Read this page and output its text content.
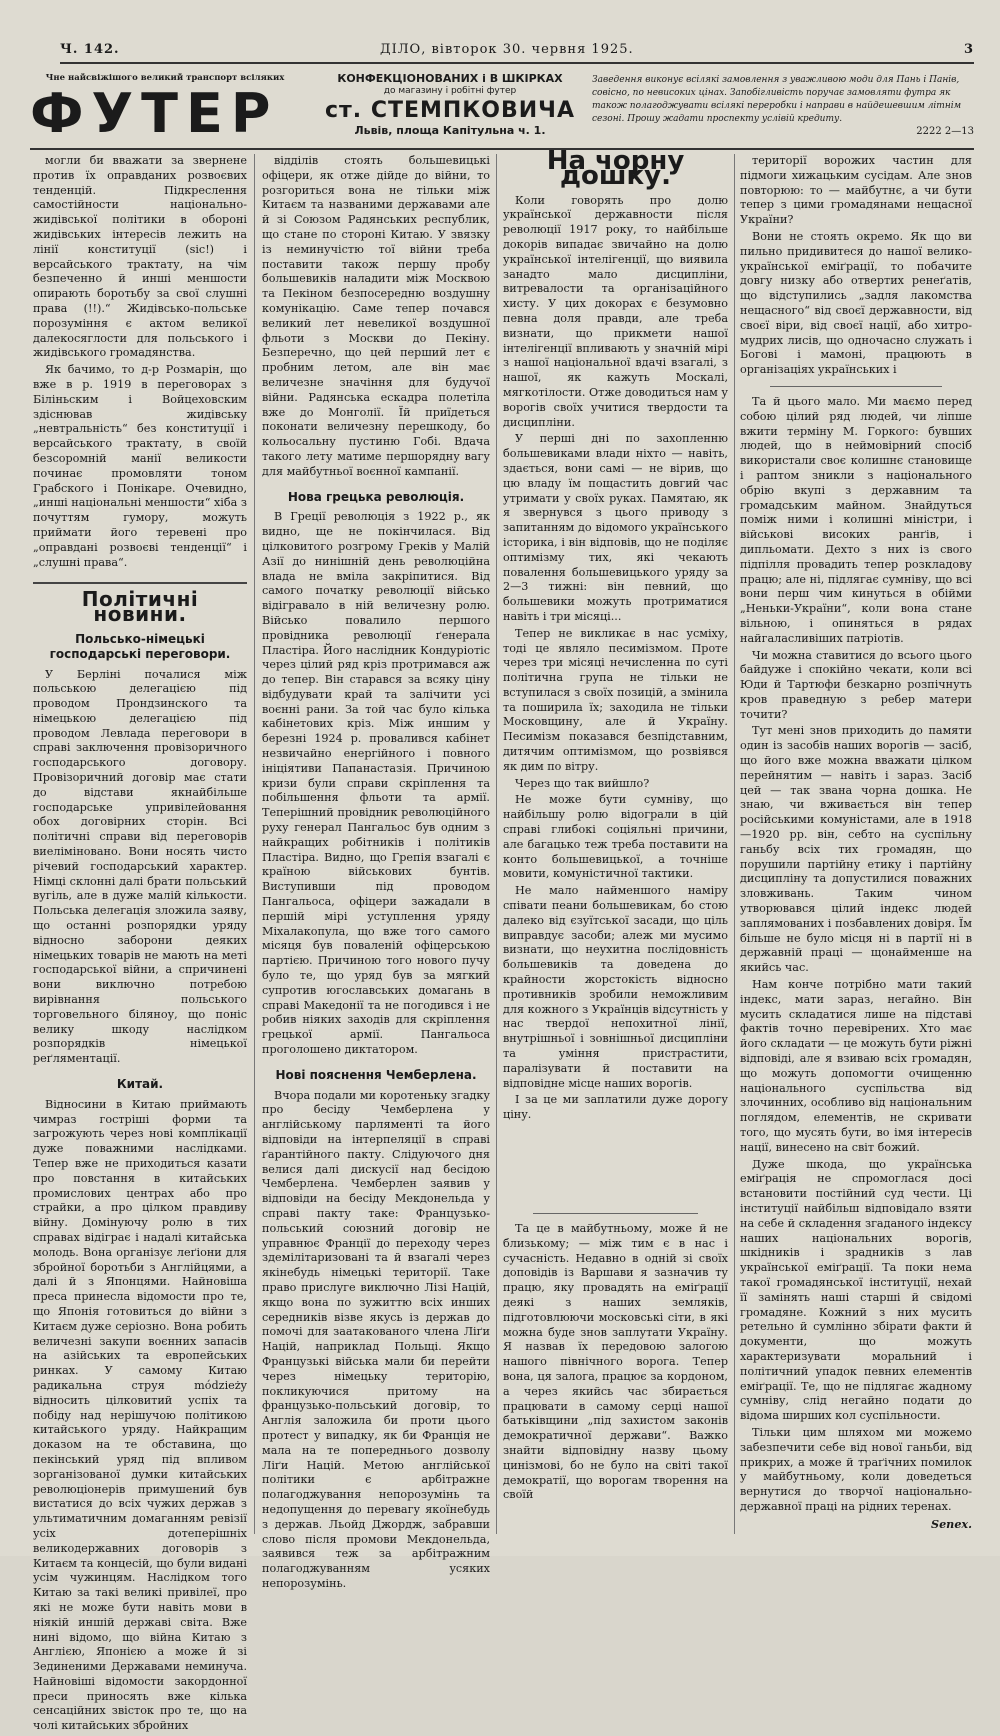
Ч. 142.	ДІЛО, вівторок 30. червня 1925.	3
Чне найсвіжішого великий транспорт всіляких
ФУТЕР
КОНФЕКЦІОНОВАНИХ і В ШКІРКАХ
до магазину і робітні футер
ст. СТЕМПКОВИЧА
Львів, площа Капітульна ч. 1.
Заведення виконує всілякі замовлення з уважливою моди для Пань і Панів, совісно, по невисоких цінах. Запобігливість поручає замовляти футра як також полагоджувати всілякі переробки і направи в найдешевшим літнім сезоні. Прошу жадати проспекту услівій кредиту.
2222 2—13

могли би вважати за звернене против їх оправданих розвоєвих тенденцій. Підкреслення самостійности національно-жидівської політики в обороні жидівських інтересів лежить на лінії конституції (sic!) і версайського трактату, на чім безпеченно й инші меншости опирають боротьбу за свої слушні права (!!).“ Жидівсько-польське порозуміння є актом великої далекосяглости для польського і жидівського громадянства.

Як бачимо, то д-р Розмарін, що вже в р. 1919 в переговорах з Біліньским і Войцеховским здіснював жидівську „невтральність“ без конституції і версайського трактату, в своїй безсоромній манії великости починає промовляти тоном Грабского і Понікаре. Очевидно, „инші національні меншости“ хіба з почуттям гумору, можуть приймати його теревені про „оправдані розвоєві тенденції“ і „слушні права“.

Політичні новини.
Польсько-німецькі господарські переговори.

У Берліні почалися між польською делегацією під проводом Прондзинского та німецькою делегацією під проводом Левлада переговори в справі заключення провізоричного господарського договору. Провізоричний договір має стати до відстави якнайбільше господарське упривілейовання обох договірних сторін. Всі політичні справи від переговорів виеліміновано. Вони носять чисто річевий господарський характер. Німці склонні далі брати польський вугіль, але в дуже малій кількости. Польська делегація зложила заяву, що останні розпорядки уряду відносно заборони деяких німецьких товарів не мають на меті господарської війни, а спричинені вони виключно потребою вирівнання польського торговельного біляноу, що поніс велику шкоду наслідком розпорядків німецької реґляментації.

Китай.

Відносини в Китаю приймають чимраз гостріші форми та загрожують через нові комплікації дуже поважними наслідками. Тепер вже не приходиться казати про повстання в китайських промислових центрах або про страйки, а про цілком правдиву війну. Домінуючу ролю в тих справах відіграє і надалі китайська молодь. Вона організує леґіони для збройної боротьби з Англійцями, а далі й з Японцями. Найновіша преса принесла відомости про те, що Японія готовиться до війни з Китаєм дуже серіозно. Вона робить величезні закупи воєнних запасів на азійських та европейських ринках. У самому Китаю радикальна струя módzieży відносить цілковитий успіх та побіду над нерішучою політикою китайського уряду. Найкращим доказом на те обставина, що пекінський уряд під впливом зорганізованої думки китайських революціонерів примушений був вистатися до всіх чужих держав з ультиматичним домаганням ревізії усіх дотеперішніх великодержавних договорів з Китаєм та концесій, що були видані усім чужинцям. Наслідком того Китаю за такі великі привілеї, про які не може бути навіть мови в ніякій иншій державі світа. Вже нині відомо, що війна Китаю з Англією, Японією а може й зі Зединеними Державами неминуча. Найновіші відомости закордонної преси приносять вже кілька сенсаційних звісток про те, що на чолі китайських збройних

відділів стоять большевицькі офіцери, як отже дійде до війни, то розгориться вона не тільки між Китаєм та названими державами але й зі Союзом Радянських республик, що стане по стороні Китаю. У звязку із неминучістю тої війни треба поставити також першу пробу большевиків наладити між Москвою та Пекіном безпосередню воздушну комунікацію. Саме тепер почався великий лет невеликої воздушної фльоти з Москви до Пекіну. Безперечно, що цей перший лет є пробним летом, але він має величезне значіння для будучої війни. Радянська ескадра полетіла вже до Монголії. Їй приїдеться поконати величезну перешкоду, бо кольосальну пустиню Гобі. Вдача такого лету матиме першорядну вагу для майбутньої воєнної кампанії.

Нова грецька революція.

В Греції революція з 1922 р., як видно, ще не покінчилася. Від цілковитого розгрому Греків у Малій Азії до нинішній день революційна влада не вміла закріпитися. Від самого початку революції військо відігравало в ній величезну ролю. Військо повалило першого провідника революції ґенерала Пластіра. Його наслідник Кондуріотіс через цілий ряд кріз протримався аж до тепер. Він старався за всяку ціну відбудувати край та залічити усі воєнні рани. За той час було кілька кабінетових кріз. Між иншим у березні 1924 р. провалився кабінет незвичайно енергійного і повного ініціятиви Папанастазія. Причиною кризи були справи скріплення та побільшення фльоти та армії. Теперішний провідник революційного руху генерал Пангальос був одним з найкращих робітників і політиків Пластіра. Видно, що Грепія взагалі є країною військових бунтів. Виступивши під проводом Пангальоса, офіцери зажадали в першій мірі уступлення уряду Міхалакопула, що вже того самого місяця був поваленій офіцерською партією. Причиною того нового пучу було те, що уряд був за мягкий супротив югославських домагань в справі Македонії та не погодився і не робив ніяких заходів для скріплення грецької армії. Пангальоса проголошено диктатором.

Нові пояснення Чемберлена.

Вчора подали ми коротеньку згадку про бесіду Чемберлена у англійському парляменті та його відповіди на інтерпеляції в справі ґарантійного пакту. Слідуючого дня велися далі дискусії над бесідою Чемберлена. Чемберлен заявив у відповіди на бесіду Мекдонельда у справі пакту таке: Французько-польський союзний договір не управнює Франції до переходу через здемілітаризовані та й взагалі через якінебудь німецькі території. Таке право прислуге виключно Лізі Націй, якщо вона по зужиттю всіх инших середників візве якусь із держав до помочі для заатакованого члена Ліґи Націй, наприклад Польщі. Якщо Французькі війська мали би перейти через німецьку територію, покликуючися притому на французько-польський договір, то Англія заложила би проти цього протест у випадку, як би Франція не мала на те попереднього дозволу Ліґи Націй. Метою англійської політики є арбітражне полагоджування непорозумінь та недопущення до перевагу якоїнебудь з держав. Льойд Джордж, забравши слово після промови Мекдонельда, заявився теж за арбітражним полагоджуванням усяких непорозумінь.

На чорну дошку.

Коли говорять про долю української державности після революції 1917 року, то найбільше докорів випадає звичайно на долю української інтелігенції, що виявила занадто мало дисципліни, витревалости та організаційного хисту. У цих докорах є безумовно певна доля правди, але треба визнати, що прикмети нашої інтелігенції впливають у значній мірі з нашої національної вдачі взагалі, з нашої, як кажуть Москалі, мягкотілости. Отже доводиться нам у ворогів своїх учитися твердости та дисципліни.

У перші дні по захопленню большевиками влади ніхто — навіть, здається, вони самі — не вірив, що цю владу їм пощастить довгий час утримати у своїх руках. Памятаю, як я звернувся з цього приводу з запитанням до відомого українського історика, і він відповів, що не поділяє оптимізму тих, які чекають повалення большевицького уряду за 2—3 тижні: він певний, що большевики можуть протриматися навіть і три місяці...

Тепер не викликає в нас усміху, тоді це являло песимізмом. Проте через три місяці нечисленна по суті політична група не тільки не вступилася з своїх позицій, а змінила та поширила їх; заходила не тільки Московщину, але й Україну. Песимізм показався безпідставним, дитячим оптимізмом, що розвіявся як дим по вітру.

Через що так вийшло?

Не може бути сумніву, що найбільшу ролю відограли в цій справі глибокі соціяльні причини, але багацько теж треба поставити на конто большевицької, а точніше мовити, комуністичної тактики.

Не мало найменшого наміру співати пеани большевикам, бо стою далеко від єзуїтської засади, що ціль виправдує засоби; алеж ми мусимо визнати, що неухитна послідовність большевиків та доведена до крайности жорстокість відносно противників зробили неможливим для кожного з Українців відсутність у нас твердої непохитної лінії, внутрішньої і зовнішньої дисципліни та уміння пристрастити, паралізувати й поставити на відповідне місце наших ворогів.

І за це ми заплатили дуже дорогу ціну.

Та це в майбутньому, може й не близькому; — між тим є в нас і сучасність. Недавно в одній зі своїх доповідів із Варшави я зазначив ту працю, яку провадять на еміґрації деякі з наших земляків, підготовлюючи московські сіти, в які можна буде знов заплутати Україну. Я назвав їх передовою залогою нашого північного ворога. Тепер вона, ця залога, працює за кордоном, а через якийсь час збирається працювати в самому серці нашої батьківщини „під захистом законів демократичної держави“. Важко знайти відповідну назву цьому цинізмові, бо не було на світі такої демократії, що ворогам творення на своїй

території ворожих частин для підмоги хижацьким сусідам. Але знов повторюю: то — майбутнє, а чи бути тепер з цими громадянами нещасної України?

Вони не стоять окремо. Як що ви пильно придивитеся до нашої велико-української еміґрації, то побачите довгу низку або отвертих ренеґатів, що відступились „задля лакомства нещасного“ від своєї державности, від своєї віри, від своєї нації, або хитро-мудрих лисів, що одночасно служать і Богові і мамоні, працюють в організаціях українських і

Та й цього мало. Ми маємо перед собою цілий ряд людей, чи ліпше вжити терміну М. Горкого: бувших людей, що в неймовірний спосіб використали своє колишнє становище і раптом зникли з національного обрію вкупі з державним та громадським майном. Знайдуться поміж ними і колишні міністри, і військові високих ранґів, і дипльомати. Дехто з них із свого підпілля провадить тепер розкладову працю; але ні, підлягає сумніву, що всі вони перш чим кинуться в обійми „Неньки-України“, коли вона стане вільною, і опиняться в рядах найгаласливіших патріотів.

Чи можна ставитися до всього цього байдуже і спокійно чекати, коли всі Юди й Тартюфи безкарно розпічнуть кров праведную з ребер матери точити?

Тут мені знов приходить до памяти один із засобів наших ворогів — засіб, що його вже можна вважати цілком перейнятим — навіть і зараз. Засіб цей — так звана чорна дошка. Не знаю, чи вживається він тепер російськими комуністами, але в 1918—1920 рр. він, себто на суспільну ганьбу всіх тих громадян, що порушили партійну етику і партійну дисципліну та допустилися поважних зловживань. Таким чином утворювався цілий індекс людей заплямованих і позбавлених довіря. Їм більше не було місця ні в партії ні в державній праці — щонайменше на якийсь час.

Нам конче потрібно мати такий індекс, мати зараз, негайно. Він мусить складатися лише на підставі фактів точно перевірених. Хто має його складати — це можуть бути ріжні відповіді, але я взиваю всіх громадян, що можуть допомогти очищенню національного суспільства від злочинних, особливо від національним поглядом, елементів, не скривати того, що мусять бути, во імя інтересів нації, винесено на світ божий.

Дуже шкода, що українська еміґрація не спромоглася досі встановити постійний суд чести. Ці інституції найбільш відповідало взяти на себе й складення згаданого індексу наших національних ворогів, шкідників і зрадників з лав української еміґрації. Та поки нема такої громадянської інституції, нехай її замінять наші старші й свідомі громадяне. Кожний з них мусить ретельно й сумлінно збірати факти й документи, що можуть характеризувати моральний і політичний упадок певних елементів еміґрації. Те, що не підлягає жадному сумніву, слід негайно подати до відома ширших кол суспільности.

Тільки цим шляхом ми можемо забезпечити себе від нової ганьби, від прикрих, а може й траґічних помилок у майбутньому, коли доведеться вернутися до творчої національно-державної праці на рідних теренах.

Senex.
